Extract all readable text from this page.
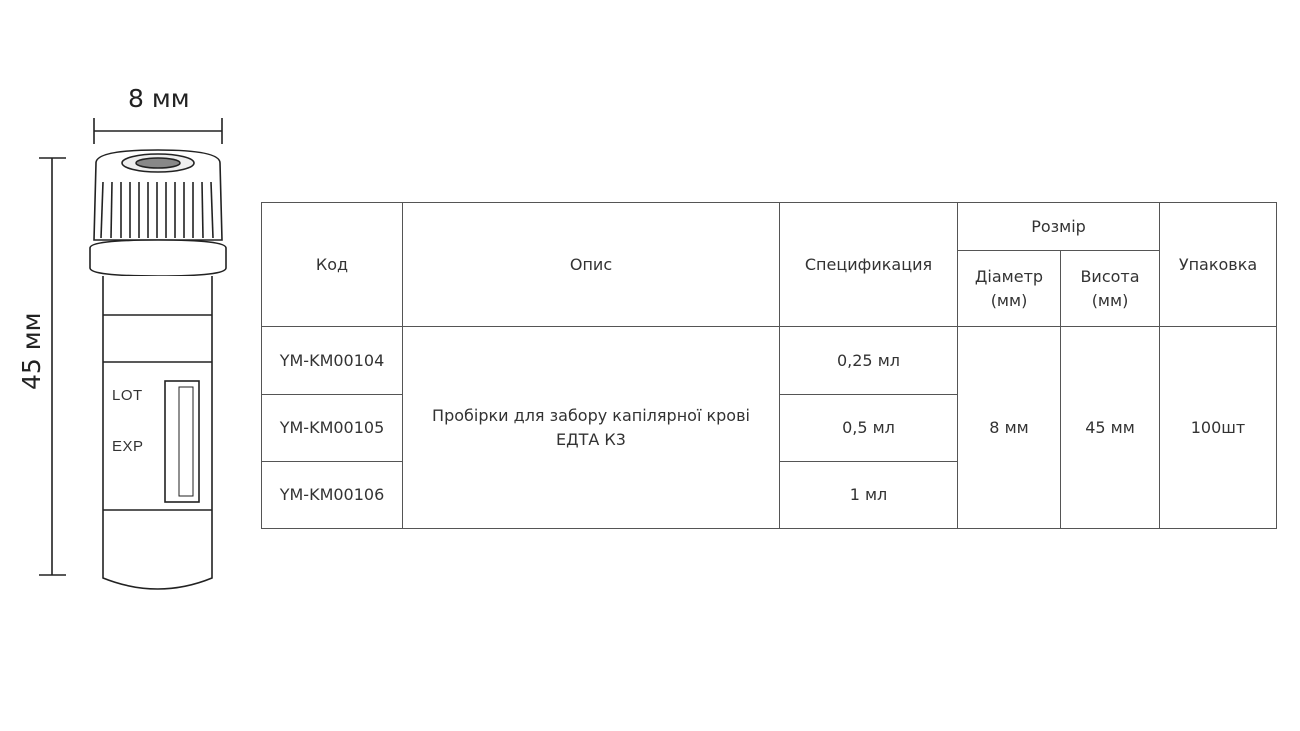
8 мм
45 мм
LOT
EXP
Код	Опис	Спецификация	Розмір		Упаковка
			Діаметр (мм)	Висота (мм)	
YM-KM00104	Пробірки для забору капілярної крові ЕДТА К3	0,25 мл	8 мм	45 мм	100шт
YM-KM00105		0,5 мл			
YM-KM00106		1 мл			
